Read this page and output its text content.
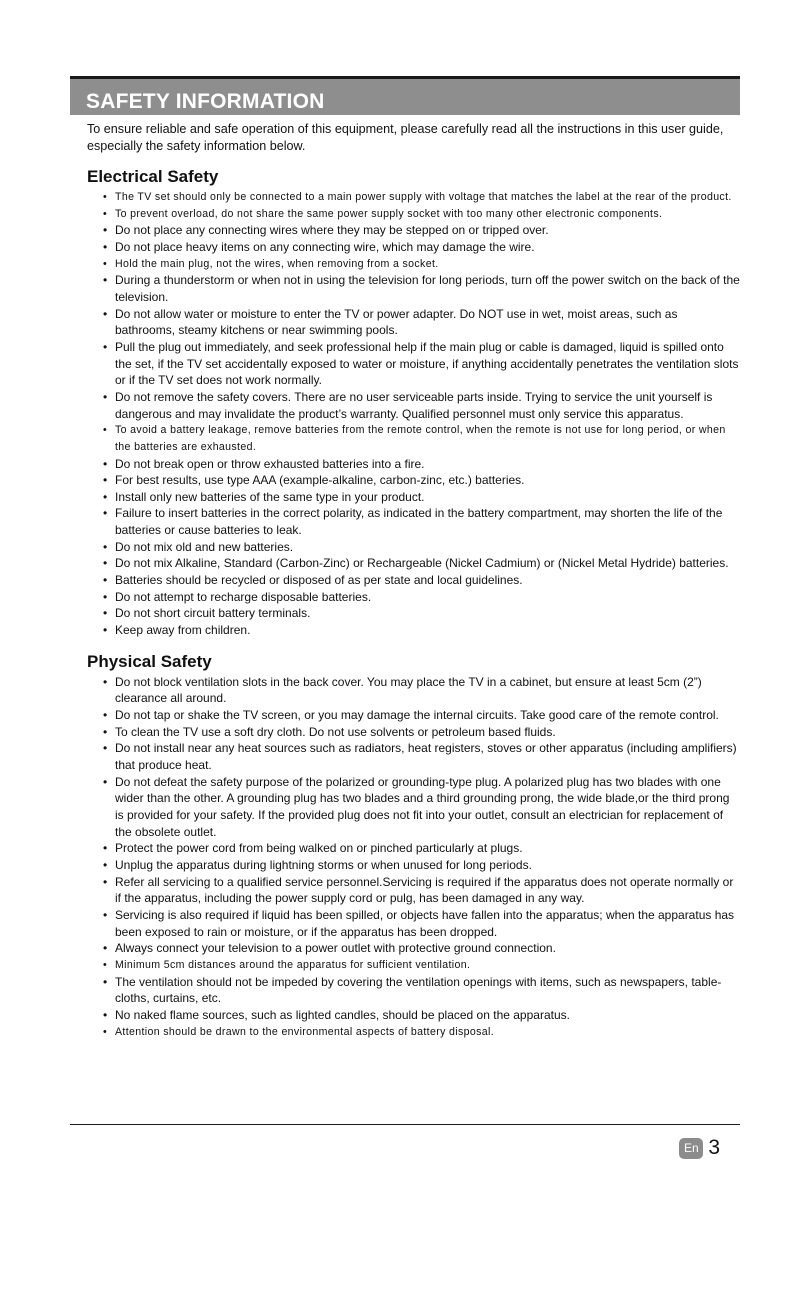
SAFETY INFORMATION

To ensure reliable and safe operation of this equipment, please carefully read all the instructions in this user guide, especially the safety information below.

Electrical Safety
• The TV set should only be connected to a main power supply with voltage that matches the label at the rear of the product.
• To prevent overload, do not share the same power supply socket with too many other electronic components.
• Do not place any connecting wires where they may be stepped on or tripped over.
• Do not place heavy items on any connecting wire, which may damage the wire.
• Hold the main plug, not the wires, when removing from a socket.
• During a thunderstorm or when not in using the television for long periods, turn off the power switch on the back of the television.
• Do not allow water or moisture to enter the TV or power adapter. Do NOT use in wet, moist areas, such as bathrooms, steamy kitchens or near swimming pools.
• Pull the plug out immediately, and seek professional help if the main plug or cable is damaged, liquid is spilled onto the set, if the TV set accidentally exposed to water or moisture, if anything accidentally penetrates the ventilation slots or if the TV set does not work normally.
• Do not remove the safety covers. There are no user serviceable parts inside. Trying to service the unit yourself is dangerous and may invalidate the product’s warranty. Qualified personnel must only service this apparatus.
• To avoid a battery leakage, remove batteries from the remote control, when the remote is not use for long period, or when the batteries are exhausted.
• Do not break open or throw exhausted batteries into a fire.
• For best results, use type AAA (example-alkaline, carbon-zinc, etc.) batteries.
• Install only new batteries of the same type in your product.
• Failure to insert batteries in the correct polarity, as indicated in the battery compartment, may shorten the life of the batteries or cause batteries to leak.
• Do not mix old and new batteries.
• Do not mix Alkaline, Standard (Carbon-Zinc) or Rechargeable (Nickel Cadmium) or (Nickel Metal Hydride) batteries.
• Batteries should be recycled or disposed of as per state and local guidelines.
• Do not attempt to recharge disposable batteries.
• Do not short circuit battery terminals.
• Keep away from children.
Physical Safety
• Do not block ventilation slots in the back cover. You may place the TV in a cabinet, but ensure at least 5cm (2”) clearance all around.
• Do not tap or shake the TV screen, or you may damage the internal circuits. Take good care of the remote control.
• To clean the TV use a soft dry cloth. Do not use solvents or petroleum based fluids.
• Do not install near any heat sources such as radiators, heat registers, stoves or other apparatus (including amplifiers) that produce heat.
• Do not defeat the safety purpose of the polarized or grounding-type plug. A polarized plug has two blades with one wider than the other. A grounding plug has two blades and a third grounding prong, the wide blade,or the third prong is provided for your safety. If the provided plug does not fit into your outlet, consult an electrician for replacement of the obsolete outlet.
• Protect the power cord from being walked on or pinched particularly at plugs.
• Unplug the apparatus during lightning storms or when unused for long periods.
• Refer all servicing to a qualified service personnel.Servicing is required if the apparatus does not operate normally or if the apparatus, including the power supply cord or pulg, has been damaged in any way.
• Servicing is also required if liquid has been spilled, or objects have fallen into the apparatus; when the apparatus has been exposed to rain or moisture, or if the apparatus has been dropped.
• Always connect your television to a power outlet with protective ground connection.
• Minimum 5cm distances around the apparatus for sufficient ventilation.
• The ventilation should not be impeded by covering the ventilation openings with items, such as newspapers, table-cloths, curtains, etc.
• No naked flame sources, such as lighted candles, should be placed on the apparatus.
• Attention should be drawn to the environmental aspects of battery disposal.
En 3
